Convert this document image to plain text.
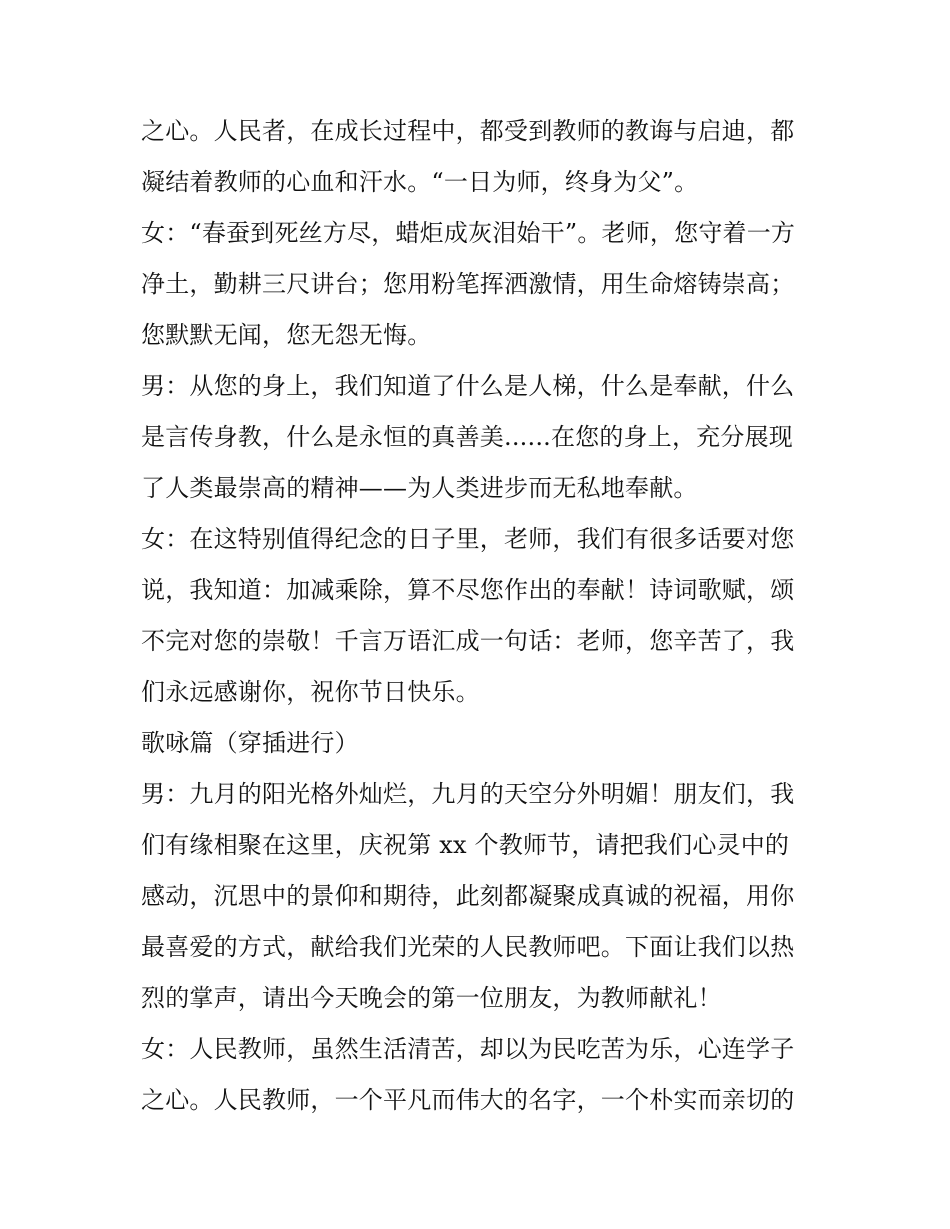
之心。人民者，在成长过程中，都受到教师的教诲与启迪，都
凝结着教师的心血和汗水。“一日为师，终身为父”。
女：“春蚕到死丝方尽，蜡炬成灰泪始干”。老师，您守着一方
净土，勤耕三尺讲台；您用粉笔挥洒激情，用生命熔铸崇高；
您默默无闻，您无怨无悔。
男：从您的身上，我们知道了什么是人梯，什么是奉献，什么
是言传身教，什么是永恒的真善美......在您的身上，充分展现
了人类最崇高的精神——为人类进步而无私地奉献。
女：在这特别值得纪念的日子里，老师，我们有很多话要对您
说，我知道：加减乘除，算不尽您作出的奉献！诗词歌赋，颂
不完对您的崇敬！千言万语汇成一句话：老师，您辛苦了，我
们永远感谢你，祝你节日快乐。
歌咏篇（穿插进行）
男：九月的阳光格外灿烂，九月的天空分外明媚！朋友们，我
们有缘相聚在这里，庆祝第 xx 个教师节，请把我们心灵中的
感动，沉思中的景仰和期待，此刻都凝聚成真诚的祝福，用你
最喜爱的方式，献给我们光荣的人民教师吧。下面让我们以热
烈的掌声，请出今天晚会的第一位朋友，为教师献礼！
女：人民教师，虽然生活清苦，却以为民吃苦为乐，心连学子
之心。人民教师，一个平凡而伟大的名字，一个朴实而亲切的
